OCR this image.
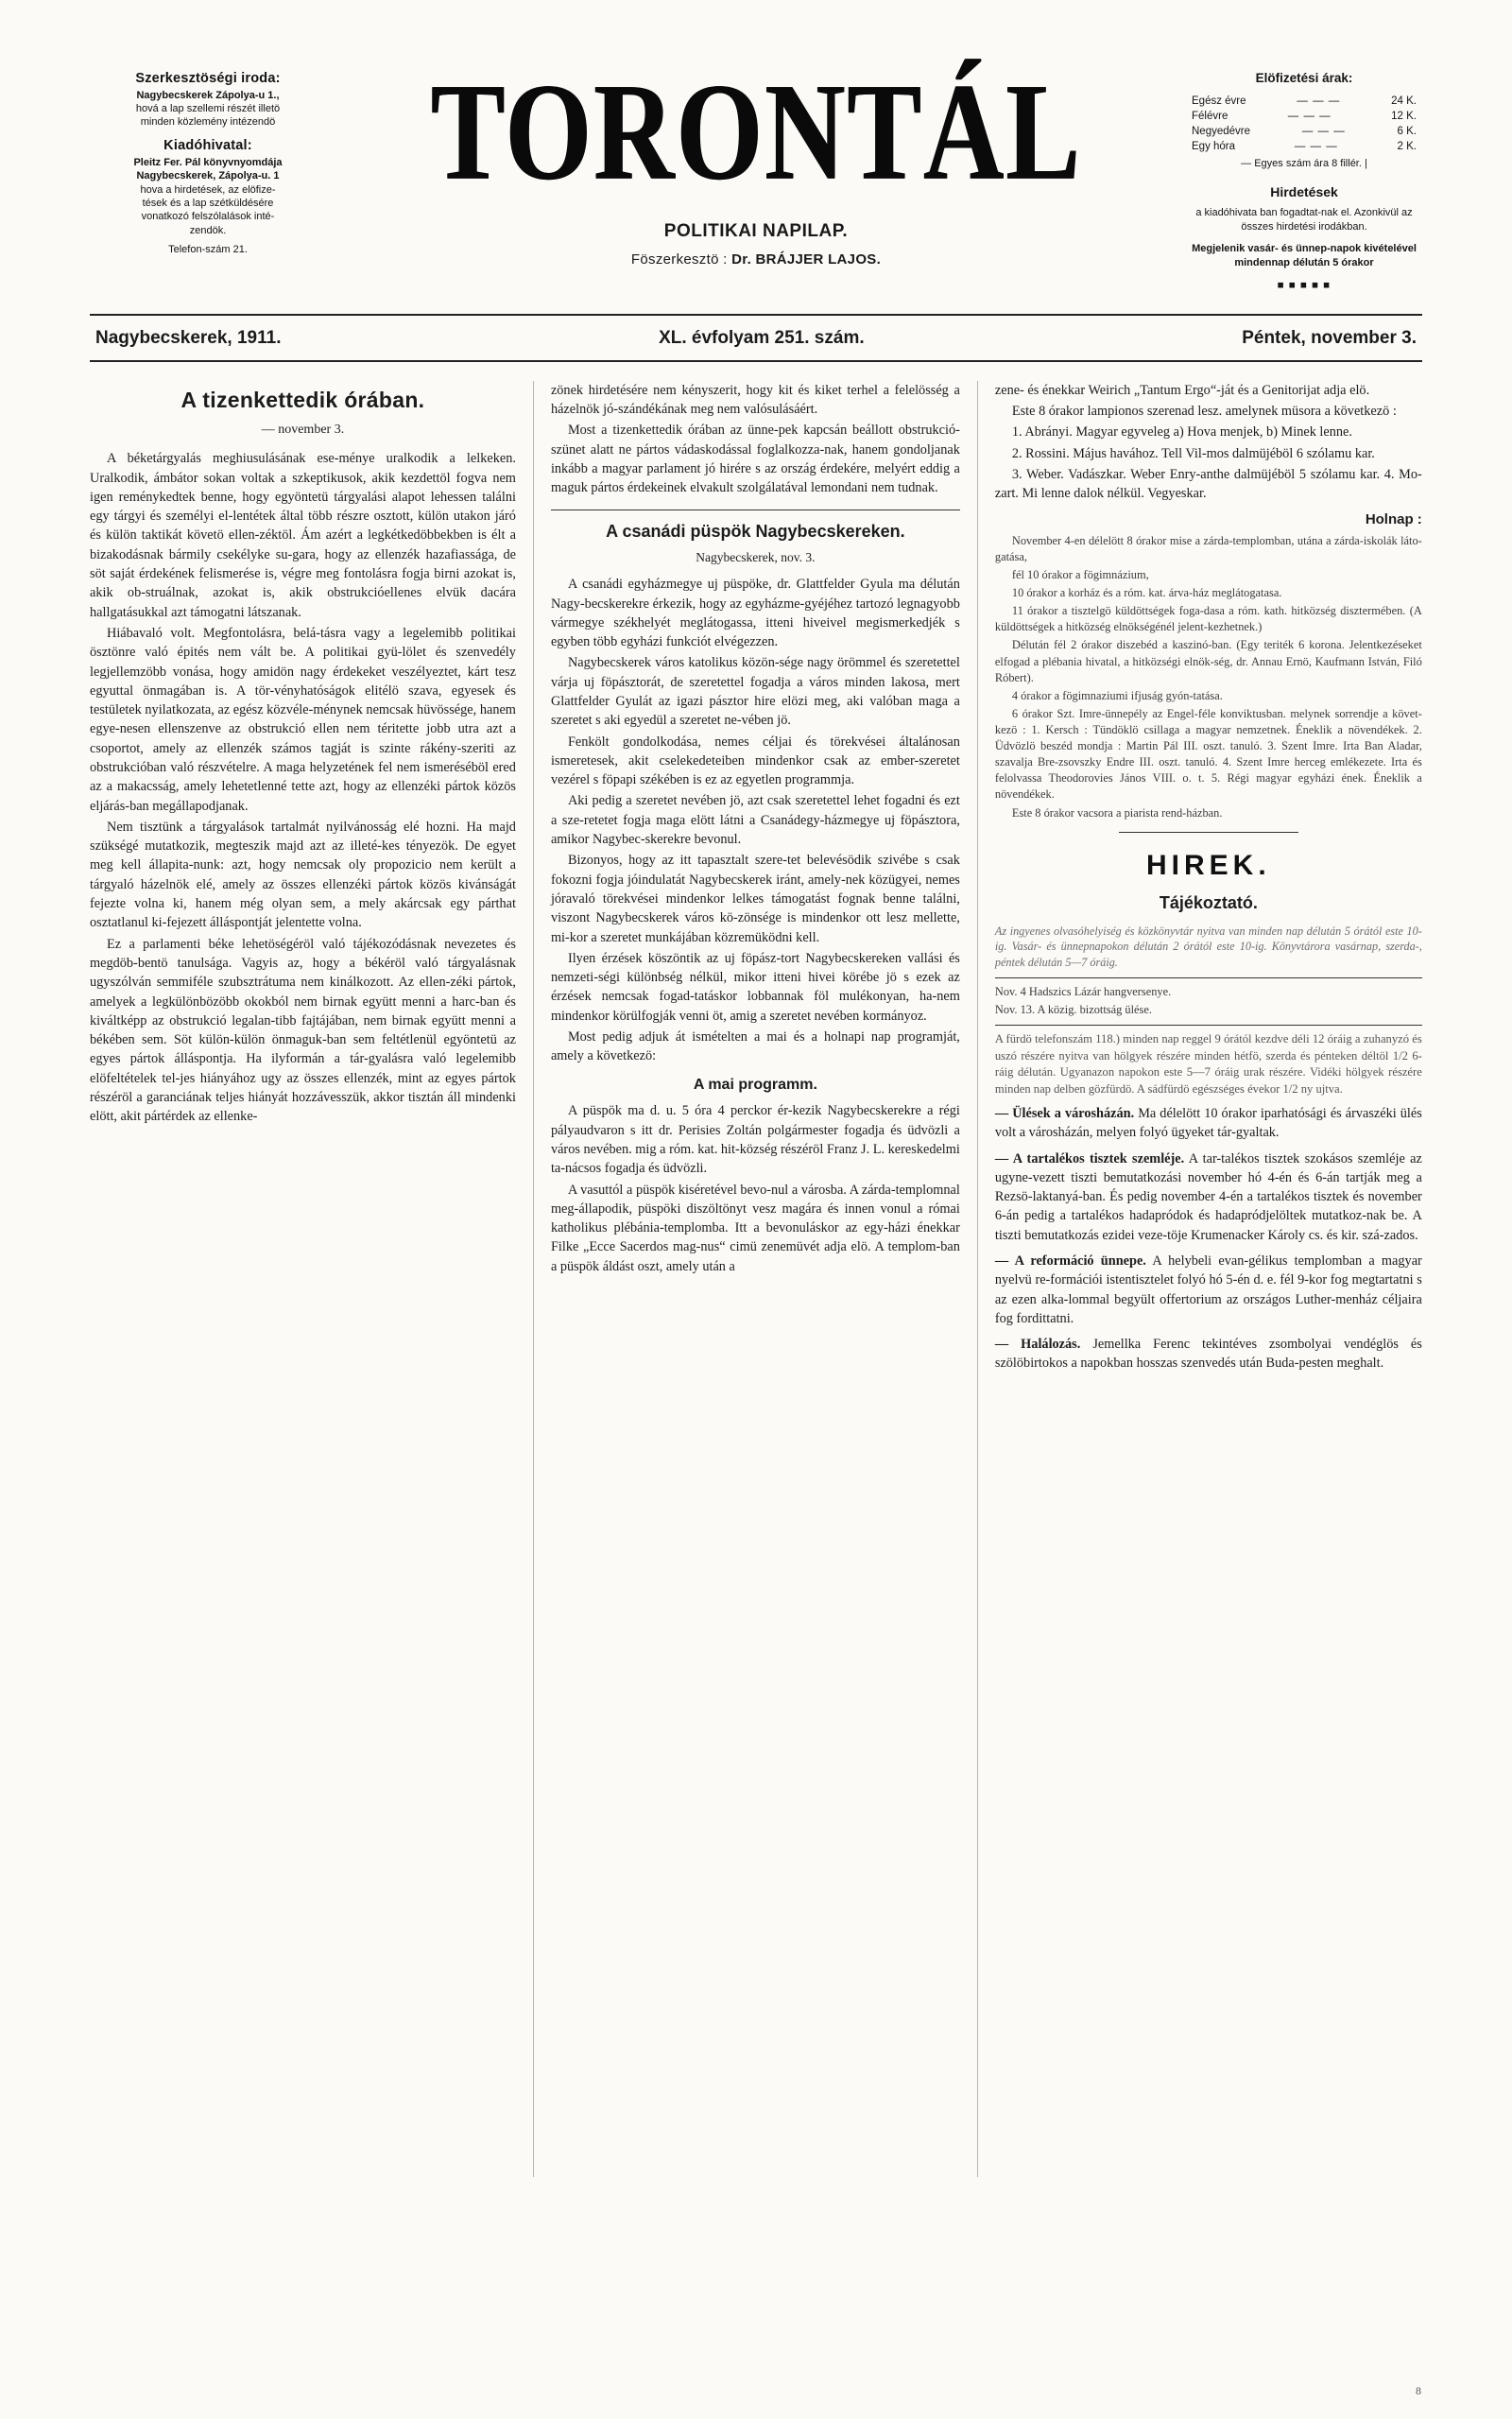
Szerkesztöségi iroda:
Nagybecskerek Zápolya-u 1.,
hová a lap szellemi részét illetö
minden közlemény intézendö
Kiadóhivatal:
Pleitz Fer. Pál könyvnyomdája
Nagybecskerek, Zápolya-u. 1
hova a hirdetések, az elöfize-
tések és a lap szétküldésére
vonatkozó felszólalások inté-
zendök.
Telefon-szám 21.
TORONTÁL
POLITIKAI NAPILAP.
Föszerkesztö : Dr. BRÁJJER LAJOS.
Elöfizetési árak:
Egész évre	— — —	24 K.
Félévre	— — —	12 K.
Negyedévre	— — —	6 K.
Egy hóra	— — —	2 K.
— Egyes szám ára 8 fillér. |
Hirdetések
a kiadóhivata ban fogadtat-nak el. Azonkivül az összes hirdetési irodákban.
Megjelenik vasár- és ünnep-napok kivételével mindennap délután 5 órakor
■ ■ ■ ■ ■
Nagybecskerek, 1911.	XL. évfolyam 251. szám.	Péntek, november 3.
A tizenkettedik órában.
— november 3.

A béketárgyalás meghiusulásának ese-ménye uralkodik a lelkeken. Uralkodik, ámbátor sokan voltak a szkeptikusok, akik kezdettöl fogva nem igen reménykedtek benne, hogy egyöntetü tárgyalási alapot lehessen találni egy tárgyi és személyi el-lentétek által több részre osztott, külön utakon járó és külön taktikát követö ellen-zéktöl. Ám azért a legkétkedöbbekben is élt a bizakodásnak bármily csekélyke su-gara, hogy az ellenzék hazafiassága, de söt saját érdekének felismerése is, végre meg fontolásra fogja birni azokat is, akik ob-struálnak, azokat is, akik obstrukcióellenes elvük dacára hallgatásukkal azt támogatni látszanak.

Hiábavaló volt. Megfontolásra, belá-tásra vagy a legelemibb politikai ösztönre való épités nem vált be. A politikai gyü-lölet és szenvedély legjellemzöbb vonása, hogy amidön nagy érdekeket veszélyeztet, kárt tesz egyuttal önmagában is. A tör-vényhatóságok elitélö szava, egyesek és testületek nyilatkozata, az egész közvéle-ménynek nemcsak hüvössége, hanem egye-nesen ellenszenve az obstrukció ellen nem téritette jobb utra azt a csoportot, amely az ellenzék számos tagját is szinte rákény-szeriti az obstrukcióban való részvételre. A maga helyzetének fel nem ismeréséböl ered az a makacsság, amely lehetetlenné tette azt, hogy az ellenzéki pártok közös eljárás-ban megállapodjanak.

Nem tisztünk a tárgyalások tartalmát nyilvánosság elé hozni. Ha majd szükségé mutatkozik, megteszik majd azt az illeté-kes tényezök. De egyet meg kell állapita-nunk: azt, hogy nemcsak oly propozicio nem került a tárgyaló házelnök elé, amely az összes ellenzéki pártok közös kivánságát fejezte volna ki, hanem még olyan sem, a mely akárcsak egy párthat osztatlanul ki-fejezett álláspontját jelentette volna.

Ez a parlamenti béke lehetöségéröl való tájékozódásnak nevezetes és megdöb-bentö tanulsága. Vagyis az, hogy a békéröl való tárgyalásnak ugyszólván semmiféle szubsztrátuma nem kinálkozott. Az ellen-zéki pártok, amelyek a legkülönbözöbb okokból nem birnak együtt menni a harc-ban és kiváltképp az obstrukció legalan-tibb fajtájában, nem birnak együtt menni a békében sem. Söt külön-külön önmaguk-ban sem feltétlenül egyöntetü az egyes pártok álláspontja. Ha ilyformán a tár-gyalásra való legelemibb elöfeltételek tel-jes hiányához ugy az összes ellenzék, mint az egyes pártok részéröl a garanciának teljes hiányát hozzávesszük, akkor tisztán áll mindenki elött, akit pártérdek az ellenke-

zönek hirdetésére nem kényszerit, hogy kit és kiket terhel a felelösség a házelnök jó-szándékának meg nem valósulásáért.

Most a tizenkettedik órában az ünne-pek kapcsán beállott obstrukció-szünet alatt ne pártos vádaskodással foglalkozza-nak, hanem gondoljanak inkább a magyar parlament jó hirére s az ország érdekére, melyért eddig a maguk pártos érdekeinek elvakult szolgálatával lemondani nem tudnak.

A csanádi püspök Nagybecskereken.
Nagybecskerek, nov. 3.

A csanádi egyházmegye uj püspöke, dr. Glattfelder Gyula ma délután Nagy-becskerekre érkezik, hogy az egyházme-gyéjéhez tartozó legnagyobb vármegye székhelyét meglátogassa, itteni hiveivel megismerkedjék s egyben több egyházi funkciót elvégezzen.

Nagybecskerek város katolikus közön-sége nagy örömmel és szeretettel várja uj föpásztorát, de szeretettel fogadja a város minden lakosa, mert Glattfelder Gyulát az igazi pásztor hire elözi meg, aki valóban maga a szeretet s aki egyedül a szeretet ne-vében jö.

Fenkölt gondolkodása, nemes céljai és törekvései általánosan ismeretesek, akit cselekedeteiben mindenkor csak az ember-szeretet vezérel s föpapi székében is ez az egyetlen programmja.

Aki pedig a szeretet nevében jö, azt csak szeretettel lehet fogadni és ezt a sze-retetet fogja maga elött látni a Csanádegy-házmegye uj föpásztora, amikor Nagybec-skerekre bevonul.

Bizonyos, hogy az itt tapasztalt szere-tet belevésödik szivébe s csak fokozni fogja jóindulatát Nagybecskerek iránt, amely-nek közügyei, nemes jóravaló törekvései mindenkor lelkes támogatást fognak benne találni, viszont Nagybecskerek város kö-zönsége is mindenkor ott lesz mellette, mi-kor a szeretet munkájában közremüködni kell.

Ilyen érzések köszöntik az uj föpász-tort Nagybecskereken vallási és nemzeti-ségi különbség nélkül, mikor itteni hivei körébe jö s ezek az érzések nemcsak fogad-tatáskor lobbannak föl mulékonyan, ha-nem mindenkor körülfogják venni öt, amig a szeretet nevében kormányoz.

Most pedig adjuk át ismételten a mai és a holnapi nap programját, amely a következö:

A mai programm.

A püspök ma d. u. 5 óra 4 perckor ér-kezik Nagybecskerekre a régi pályaudvaron s itt dr. Perisies Zoltán polgármester fogadja és üdvözli a város nevében. mig a róm. kat. hit-község részéröl Franz J. L. kereskedelmi ta-nácsos fogadja és üdvözli.

A vasuttól a püspök kiséretével bevo-nul a városba. A zárda-templomnal meg-állapodik, püspöki diszöltönyt vesz magára és innen vonul a római katholikus plébánia-templomba. Itt a bevonuláskor az egy-házi énekkar Filke „Ecce Sacerdos mag-nus“ cimü zenemüvét adja elö. A templom-ban a püspök áldást oszt, amely után a

zene- és énekkar Weirich „Tantum Ergo“-ját és a Genitorijat adja elö.

Este 8 órakor lampionos szerenad lesz. amelynek müsora a következö :

1. Abrányi. Magyar egyveleg a) Hova menjek, b) Minek lenne.

2. Rossini. Május havához. Tell Vil-mos dalmüjéböl 6 szólamu kar.

3. Weber. Vadászkar. Weber Enry-anthe dalmüjéböl 5 szólamu kar. 4. Mo-zart. Mi lenne dalok nélkül. Vegyeskar.

Holnap :

November 4-en délelött 8 órakor mise a zárda-templomban, utána a zárda-iskolák láto-gatása,

fél 10 órakor a fögimnázium,

10 órakor a korház és a róm. kat. árva-ház meglátogatasa.

11 órakor a tisztelgö küldöttségek foga-dasa a róm. kath. hitközség disztermében. (A küldöttségek a hitközség elnökségénél jelent-kezhetnek.)

Délután fél 2 órakor diszebéd a kaszinó-ban. (Egy teriték 6 korona. Jelentkezéseket elfogad a plébania hivatal, a hitközségi elnök-ség, dr. Annau Ernö, Kaufmann István, Filó Róbert).

4 órakor a fögimnaziumi ifjuság gyón-tatása.

6 órakor Szt. Imre-ünnepély az Engel-féle konviktusban. melynek sorrendje a követ-kezö : 1. Kersch : Tündöklö csillaga a magyar nemzetnek. Éneklik a növendékek. 2. Üdvözlö beszéd mondja : Martin Pál III. oszt. tanuló. 3. Szent Imre. Irta Ban Aladar, szavalja Bre-zsovszky Endre III. oszt. tanuló. 4. Szent Imre herceg emlékezete. Irta és felolvassa Theodorovies János VIII. o. t. 5. Régi magyar egyházi ének. Éneklik a növendékek.

Este 8 órakor vacsora a piarista rend-házban.

HIREK.
Tájékoztató.

Az ingyenes olvasóhelyiség és közkönyvtár nyitva van minden nap délután 5 órától este 10-ig. Vasár- és ünnepnapokon délután 2 órától este 10-ig. Könyvtárora vasárnap, szerda-, péntek délután 5—7 óráig.

Nov. 4 Hadszics Lázár hangversenye.

Nov. 13. A közig. bizottság ülése.

A fürdö telefonszám 118.) minden nap reggel 9 órától kezdve déli 12 óráig a zuhanyzó és uszó részére nyitva van hölgyek részére minden hétfö, szerda és pénteken déltöl 1/2 6-ráig délután. Ugyanazon napokon este 5—7 óráig urak részére. Vidéki hölgyek részére minden nap delben gözfürdö. A sádfürdö egészséges évekor 1/2 ny ujtva.

— Ülések a városházán. Ma délelött 10 órakor iparhatósági és árvaszéki ülés volt a városházán, melyen folyó ügyeket tár-gyaltak.

— A tartalékos tisztek szemléje. A tar-talékos tisztek szokásos szemléje az ugyne-vezett tiszti bemutatkozási november hó 4-én és 6-án tartják meg a Rezsö-laktanyá-ban. És pedig november 4-én a tartalékos tisztek és november 6-án pedig a tartalékos hadapródok és hadapródjelöltek mutatkoz-nak be. A tiszti bemutatkozás ezidei veze-töje Krumenacker Károly cs. és kir. szá-zados.

— A reformáció ünnepe. A helybeli evan-gélikus templomban a magyar nyelvü re-formációi istentisztelet folyó hó 5-én d. e. fél 9-kor fog megtartatni s az ezen alka-lommal begyült offertorium az országos Luther-menház céljaira fog fordittatni.

— Halálozás. Jemellka Ferenc tekintéves zsombolyai vendéglös és szölöbirtokos a napokban hosszas szenvedés után Buda-pesten meghalt.

8
